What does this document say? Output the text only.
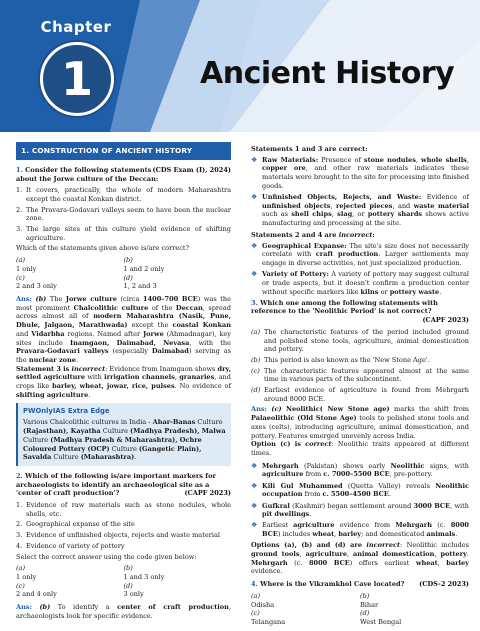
Chapter
1	Ancient History
1. CONSTRUCTION OF ANCIENT HISTORY
(CDS Exam (I), 2024)
1. Consider the following statements about the Jorwe culture of the Deccan:
1. It covers, practically, the whole of modern Maharashtra except the coastal Konkan district.
2. The Pravara-Godavari valleys seem to have been the nuclear zone.
3. The large sites of this culture yield evidence of shifting agriculture.
Which of the statements given above is/are correct?
(a)
1 only
(b)
1 and 2 only
(c)
2 and 3 only
(d)
1, 2 and 3
Ans: (b) The Jorwe culture (circa 1400–700 BCE) was the most prominent Chalcolithic culture of the Deccan, spread across almost all of modern Maharashtra (Nasik, Pune, Dhule, Jalgaon, Marathwada) except the coastal Konkan and Vidarbha regions. Named after Jorwe (Ahmadnagar), key sites include Inamgaon, Daimabad, Nevasa, with the Pravara-Godavari valleys (especially Daimabad) serving as the nuclear zone.
Statement 3 is incorrect: Evidence from Inamgaon shows dry, settled agriculture with irrigation channels, granaries, and crops like barley, wheat, jowar, rice, pulses. No evidence of shifting agriculture.
PWOnlyIAS Extra Edge
Various Chalcolithic cultures in India - Ahar-Banas Culture (Rajasthan), Kayatha Culture (Madhya Pradesh), Malwa Culture (Madhya Pradesh & Maharashtra), Ochre Coloured Pottery (OCP) Culture (Gangetic Plain), Savalda Culture (Maharashtra).
2. Which of the following is/are important markers for archaeologists to identify an archaeological site as a 'center of craft production'?	(CAPF 2023)
1. Evidence of raw materials such as stone nodules, whole shells, etc.
2. Geographical expanse of the site
3. Evidence of unfinished objects, rejects and waste material
4. Evidence of variety of pottery
Select the correct answer using the code given below:
(a)
1 only
(b)
1 and 3 only
(c)
2 and 4 only
(d)
3 only
Ans: (b) To identify a center of craft production, archaeologists look for specific evidence.
Statements 1 and 3 are correct:
❖ Raw Materials: Presence of stone nodules, whole shells, copper ore, and other raw materials indicates these materials were brought to the site for processing into finished goods.
❖ Unfinished Objects, Rejects, and Waste: Evidence of unfinished objects, rejected pieces, and waste material such as shell chips, slag, or pottery shards shows active manufacturing and processing at the site.
Statements 2 and 4 are incorrect:
❖ Geographical Expanse: The site's size does not necessarily correlate with craft production. Larger settlements may engage in diverse activities, not just specialized production.
❖ Variety of Pottery: A variety of pottery may suggest cultural or trade aspects, but it doesn't confirm a production center without specific markers like kilns or pottery waste.
3. Which one among the following statements with reference to the 'Neolithic Period' is not correct?
(CAPF 2023)
(a) The characteristic features of the period included ground and polished stone tools, agriculture, animal domestication and pottery.
(b) This period is also known as the 'New Stone Age'.
(c) The characteristic features appeared almost at the same time in various parts of the subcontinent.
(d) Earliest evidence of agriculture is found from Mehrgarh around 8000 BCE.
Ans: (c) Neolithic( New Stone age) marks the shift from Palaeolithic (Old Stone Age) tools to polished stone tools and axes (celts), introducing agriculture, animal domestication, and pottery. Features emerged unevenly across India.
Option (c) is correct: Neolithic traits appeared at different times.
❖ Mehrgarh (Pakistan) shows early Neolithic signs, with agriculture from c. 7000–5500 BCE, pre-pottery.
❖ Kili Gul Muhammed (Quetta Valley) reveals Neolithic occupation from c. 5500–4500 BCE.
❖ Gufkral (Kashmir) began settlement around 3000 BCE, with pit dwellings.
❖ Earliest agriculture evidence from Mehrgarh (c. 8000 BCE) includes wheat, barley; and domesticated animals.
Options (a), (b) and (d) are incorrect: Neolithic includes ground tools, agriculture, animal domestication, pottery. Mehrgarh (c. 8000 BCE) offers earliest wheat, barley evidence.
(CDS-2 2023)
4. Where is the Vikramkhol Cave located?
(a)
Odisha
(b)
Bihar
(c)
Telangana
(d)
West Bengal
